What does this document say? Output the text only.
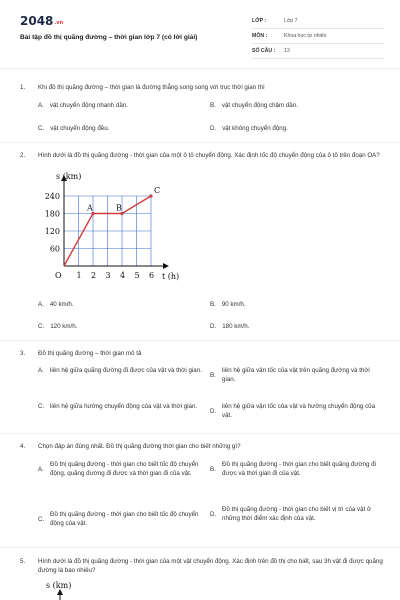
$2048^{.vn}$
Bài tập đồ thị quãng đường – thời gian lớp 7 (có lời giải)
LỚP :	Lớp 7
MÔN :	Khoa học tự nhiên
SỐ CÂU :	13
1. Khi đồ thị quãng đường – thời gian là đường thẳng song song với trục thời gian thì
A. vật chuyển động nhanh dần.	B. vật chuyển động chậm dần.
C. vật chuyển động đều.	D. vật không chuyển động.
2. Hình dưới là đồ thị quãng đường - thời gian của một ô tô chuyển động. Xác định tốc độ chuyển động của ô tô trên đoạn OA?
s (km)
t (h)
O 1 2 3 4 5 6
60
120
180
240
A	B
C
A. 40 km/h.	B. 90 km/h.
C. 120 km/h.	D. 180 km/h.
3. Đồ thị quãng đường – thời gian mô tả
A. liên hệ giữa quãng đường đi được của vật và thời gian.
B.
liên hệ giữa vận tốc của vật trên quãng đường và thời gian.
C. liên hệ giữa hướng chuyển động của vật và thời gian.
D.
liên hệ giữa vận tốc của vật và hướng chuyển động của vật.
4. Chọn đáp án đúng nhất. Đồ thị quãng đường thời gian cho biết những gì?
A.
Đồ thị quãng đường - thời gian cho biết tốc độ chuyển động, quãng đường đi được và thời gian đi của vật.
B.
Đồ thị quãng đường - thời gian cho biết quãng đường đi được và thời gian đi của vật.
C.
Đồ thị quãng đường - thời gian cho biết tốc độ chuyển động của vật.
D.
Đồ thị quãng đường - thời gian cho biết vị trí của vật ở những thời điểm xác định của vật.
5. Hình dưới là đồ thị quãng đường - thời gian của một vật chuyển động. Xác định trên đồ thị cho biết, sau 3h vật đi được quãng đường là bao nhiêu?
s (km)
